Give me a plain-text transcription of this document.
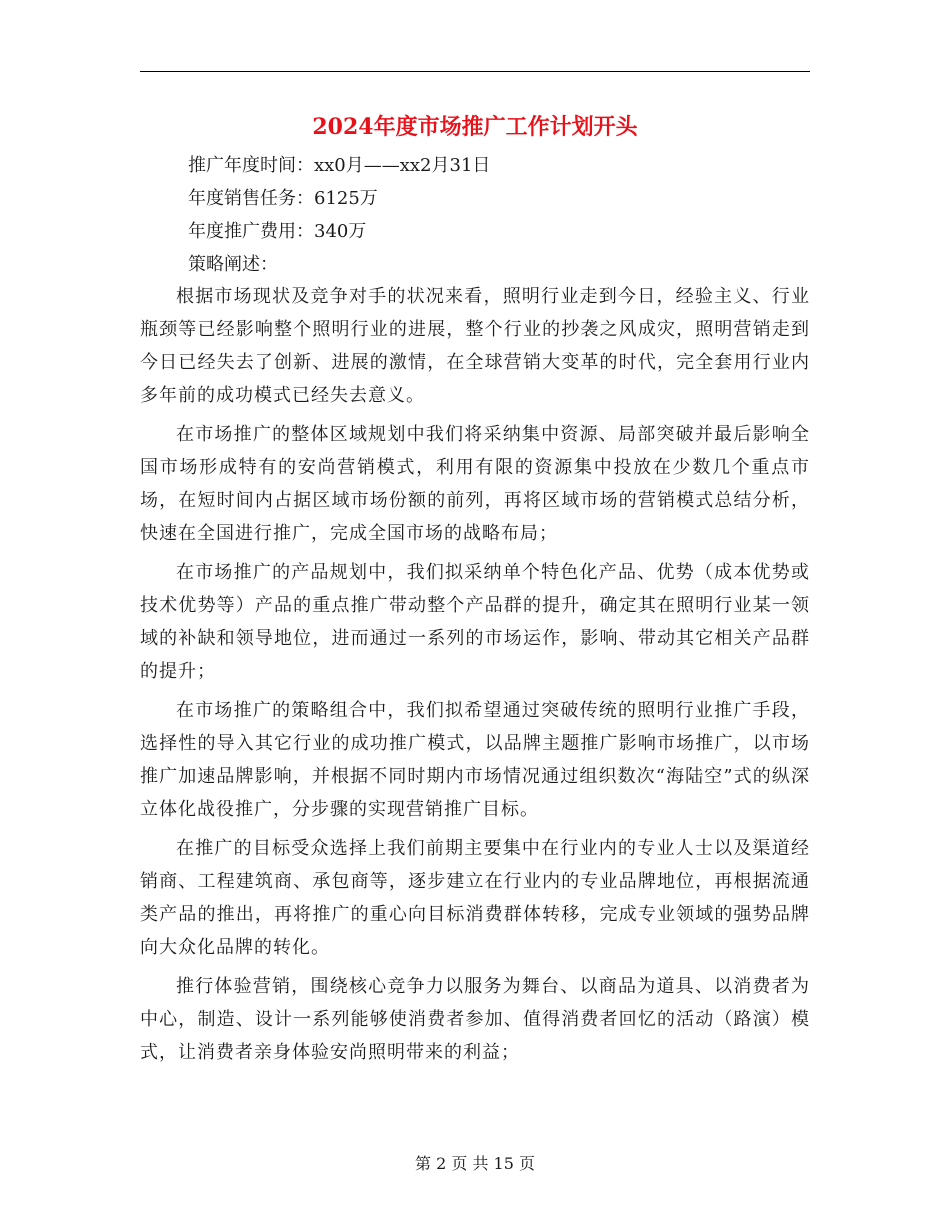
2024年度市场推广工作计划开头

推广年度时间：xx0月——xx2月31日

年度销售任务：6125万

年度推广费用：340万

策略阐述：

根据市场现状及竞争对手的状况来看，照明行业走到今日，经验主义、行业瓶颈等已经影响整个照明行业的进展，整个行业的抄袭之风成灾，照明营销走到今日已经失去了创新、进展的激情，在全球营销大变革的时代，完全套用行业内多年前的成功模式已经失去意义。

在市场推广的整体区域规划中我们将采纳集中资源、局部突破并最后影响全国市场形成特有的安尚营销模式，利用有限的资源集中投放在少数几个重点市场，在短时间内占据区域市场份额的前列，再将区域市场的营销模式总结分析，快速在全国进行推广，完成全国市场的战略布局；

在市场推广的产品规划中，我们拟采纳单个特色化产品、优势（成本优势或技术优势等）产品的重点推广带动整个产品群的提升，确定其在照明行业某一领域的补缺和领导地位，进而通过一系列的市场运作，影响、带动其它相关产品群的提升；

在市场推广的策略组合中，我们拟希望通过突破传统的照明行业推广手段，选择性的导入其它行业的成功推广模式，以品牌主题推广影响市场推广，以市场推广加速品牌影响，并根据不同时期内市场情况通过组织数次“海陆空”式的纵深立体化战役推广，分步骤的实现营销推广目标。

在推广的目标受众选择上我们前期主要集中在行业内的专业人士以及渠道经销商、工程建筑商、承包商等，逐步建立在行业内的专业品牌地位，再根据流通类产品的推出，再将推广的重心向目标消费群体转移，完成专业领域的强势品牌向大众化品牌的转化。

推行体验营销，围绕核心竞争力以服务为舞台、以商品为道具、以消费者为中心，制造、设计一系列能够使消费者参加、值得消费者回忆的活动（路演）模式，让消费者亲身体验安尚照明带来的利益；

第 2 页 共 15 页
